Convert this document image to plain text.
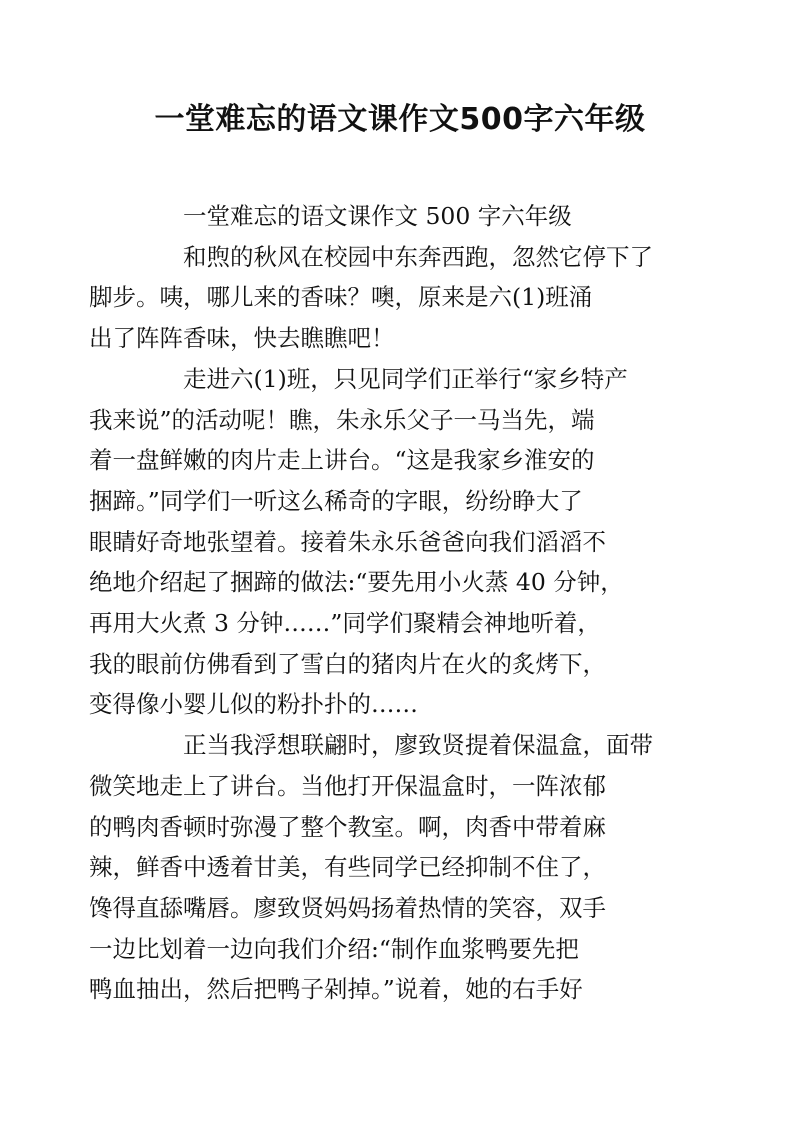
一堂难忘的语文课作文500字六年级

一堂难忘的语文课作文 500 字六年级

和煦的秋风在校园中东奔西跑，忽然它停下了
脚步。咦，哪儿来的香味？噢，原来是六(1)班涌
出了阵阵香味，快去瞧瞧吧！

走进六(1)班，只见同学们正举行“家乡特产
我来说”的活动呢！瞧，朱永乐父子一马当先，端
着一盘鲜嫩的肉片走上讲台。“这是我家乡淮安的
捆蹄。”同学们一听这么稀奇的字眼，纷纷睁大了
眼睛好奇地张望着。接着朱永乐爸爸向我们滔滔不
绝地介绍起了捆蹄的做法:“要先用小火蒸 40 分钟，
再用大火煮 3 分钟……”同学们聚精会神地听着，
我的眼前仿佛看到了雪白的猪肉片在火的炙烤下，
变得像小婴儿似的粉扑扑的……

正当我浮想联翩时，廖致贤提着保温盒，面带
微笑地走上了讲台。当他打开保温盒时，一阵浓郁
的鸭肉香顿时弥漫了整个教室。啊，肉香中带着麻
辣，鲜香中透着甘美，有些同学已经抑制不住了，
馋得直舔嘴唇。廖致贤妈妈扬着热情的笑容，双手
一边比划着一边向我们介绍:“制作血浆鸭要先把
鸭血抽出，然后把鸭子剁掉。”说着，她的右手好
